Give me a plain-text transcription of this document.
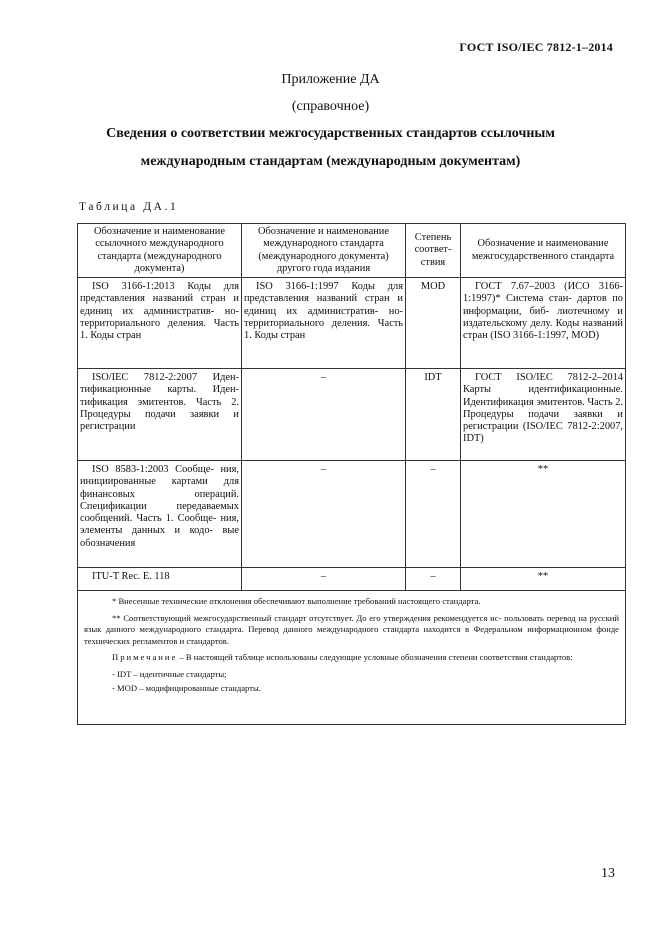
ГОСТ ISO/IEC 7812-1–2014
Приложение ДА
(справочное)
Сведения о соответствии межгосударственных стандартов ссылочным
международным стандартам (международным документам)
Таблица ДА.1
Обозначение и наименование ссылочного международного стандарта (международного документа)	Обозначение и наименование международного стандарта (международного документа) другого года издания	Степень соответ- ствия	Обозначение и наименование межгосударственного стандарта
ISO 3166-1:2013 Коды для представления названий стран и единиц их административ- но-территориального деления. Часть 1. Коды стран	ISO 3166-1:1997 Коды для представления названий стран и единиц их административ- но-территориального деления. Часть 1. Коды стран	MOD	ГОСТ 7.67–2003 (ИСО 3166-1:1997)* Система стан- дартов по информации, биб- лиотечному и издательскому делу. Коды названий стран (ISO 3166-1:1997, MOD)
ISO/IEC 7812-2:2007 Иден- тификационные карты. Иден- тификация эмитентов. Часть 2. Процедуры подачи заявки и регистрации	–	IDT	ГОСТ ISO/IEC 7812-2–2014 Карты идентификационные. Идентификация эмитентов. Часть 2. Процедуры подачи заявки и регистрации (ISO/IEC 7812-2:2007, IDT)
ISO 8583-1:2003 Сообще- ния, инициированные картами для финансовых операций. Спецификации передаваемых сообщений. Часть 1. Сообще- ния, элементы данных и кодо- вые обозначения	–	–	**
ITU-T Rec. E. 118	–	–	**

* Внесенные технические отклонения обеспечивают выполнение требований настоящего стандарта.

** Соответствующий межгосударственный стандарт отсутствует. До его утверждения рекомендуется ис- пользовать перевод на русский язык данного международного стандарта. Перевод данного международного стандарта находится в Федеральном информационном фонде технических регламентов и стандартов.

Примечание – В настоящей таблице использованы следующие условные обозначения степени соответствия стандартов:

- IDT – идентичные стандарты;

- MOD – модифицированные стандарты.			

13
